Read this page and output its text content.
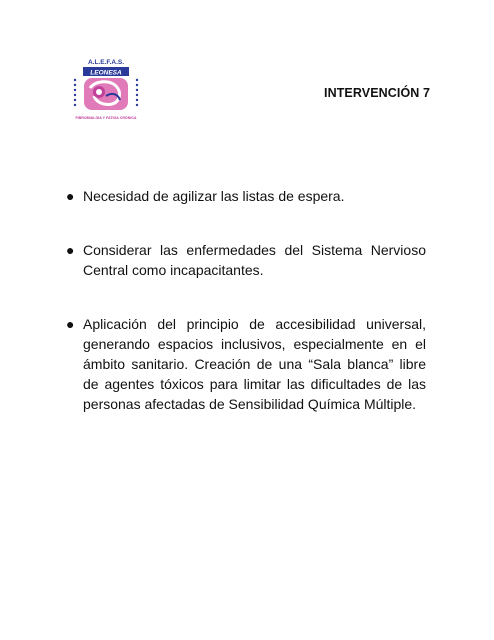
A.L.E.F.A.S.
LEONESA
FIBROMIALGIA Y FATIGA CRÓNICA
INTERVENCIÓN 7
● Necesidad de agilizar las listas de espera.
● Considerar las enfermedades del Sistema Nervioso Central como incapacitantes.
● Aplicación del principio de accesibilidad universal, generando espacios inclusivos, especialmente en el ámbito sanitario. Creación de una “Sala blanca” libre de agentes tóxicos para limitar las dificultades de las personas afectadas de Sensibilidad Química Múltiple.
